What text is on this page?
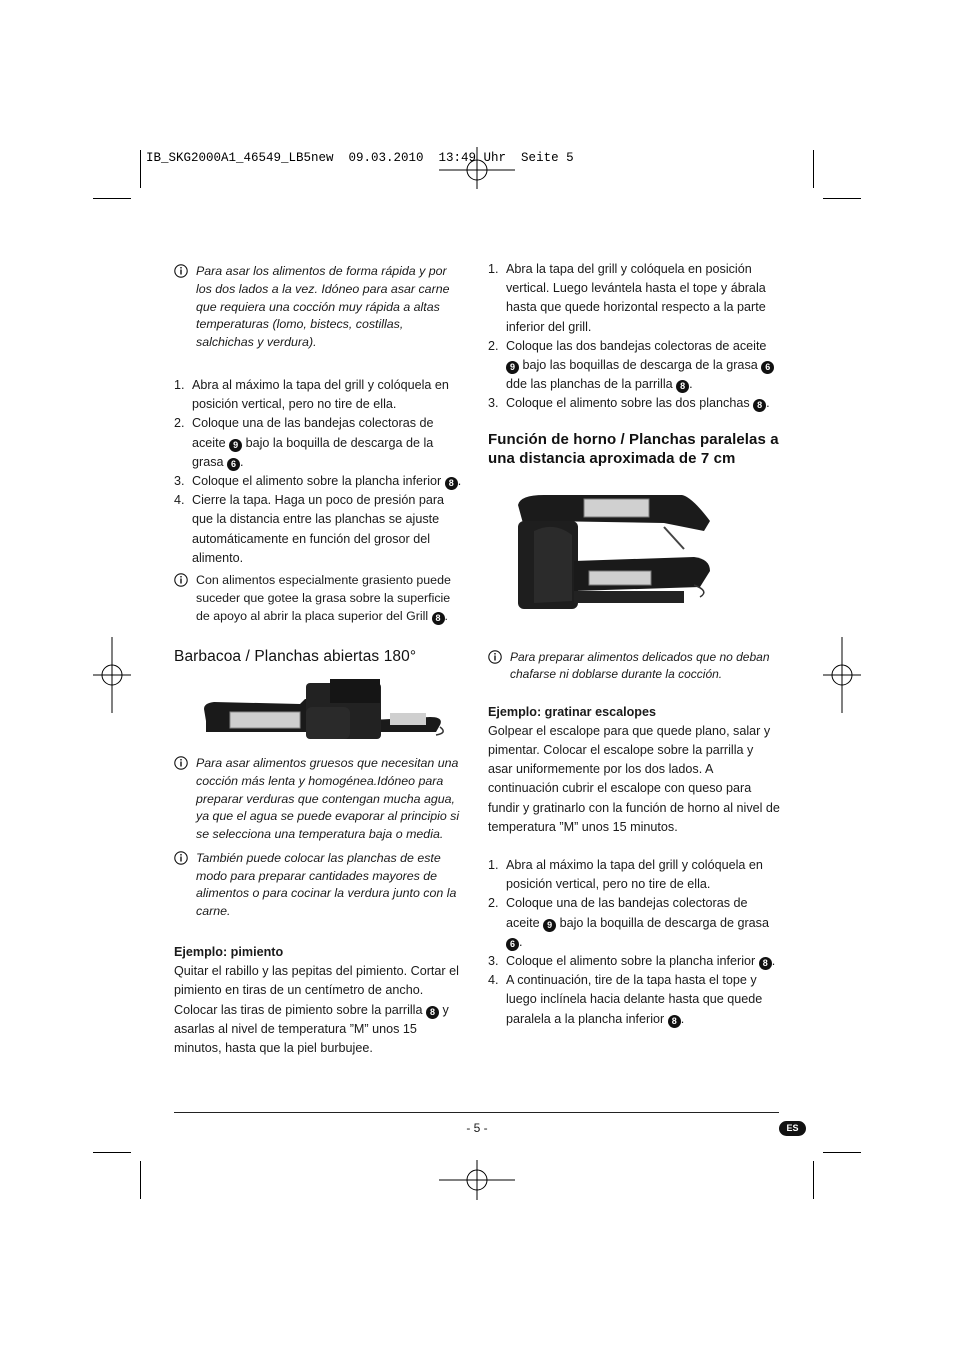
IB_SKG2000A1_46549_LB5new  09.03.2010  13:49 Uhr  Seite 5
Para asar los alimentos de forma rápida y por los dos lados a la vez. Idóneo para asar carne que requiera una cocción muy rápida a altas temperaturas (lomo, bistecs, costillas, salchichas y verdura).
1. Abra al máximo la tapa del grill y colóquela en posición vertical, pero no tire de ella.
2. Coloque una de las bandejas colectoras de aceite 9 bajo la boquilla de descarga de la grasa 6 .
3. Coloque el alimento sobre la plancha inferior 8 .
4. Cierre la tapa. Haga un poco de presión para que la distancia entre las planchas se ajuste automáticamente en función del grosor del alimento.
Con alimentos especialmente grasiento puede suceder que gotee la grasa sobre la superficie de apoyo al abrir la placa superior del Grill 8 .
Barbacoa / Planchas abiertas 180°
Para asar alimentos gruesos que necesitan una cocción más lenta y homogénea.Idóneo para preparar verduras que contengan mucha agua, ya que el agua se puede evaporar al principio si se selecciona una temperatura baja o media.
También puede colocar las planchas de este modo para preparar cantidades mayores de alimentos o para cocinar la verdura junto con la carne.

Ejemplo: pimiento

Quitar el rabillo y las pepitas del pimiento. Cortar el pimiento en tiras de un centímetro de ancho. Colocar las tiras de pimiento sobre la parrilla 8 y asarlas al nivel de temperatura ”M” unos 15 minutos, hasta que la piel burbujee.

1. Abra la tapa del grill y colóquela en posición vertical. Luego levántela hasta el tope y ábrala hasta que quede horizontal respecto a la parte inferior del grill.
2. Coloque las dos bandejas colectoras de aceite 9 bajo las boquillas de descarga de la grasa 6 dde las planchas de la parrilla 8 .
3. Coloque el alimento sobre las dos planchas 8 .
Función de horno / Planchas paralelas a una distancia aproximada de 7 cm
Para preparar alimentos delicados que no deban chafarse ni doblarse durante la cocción.

Ejemplo: gratinar escalopes

Golpear el escalope para que quede plano, salar y pimentar. Colocar el escalope sobre la parrilla y asar uniformemente por los dos lados. A continuación cubrir el escalope con queso para fundir y gratinarlo con la función de horno al nivel de temperatura ”M” unos 15 minutos.

1. Abra al máximo la tapa del grill y colóquela en posición vertical, pero no tire de ella.
2. Coloque una de las bandejas colectoras de aceite 9 bajo la boquilla de descarga de grasa 6 .
3. Coloque el alimento sobre la plancha inferior 8 .
4. A continuación, tire de la tapa hasta el tope y luego inclínela hacia delante hasta que quede paralela a la plancha inferior 8 .
- 5 -	ES
